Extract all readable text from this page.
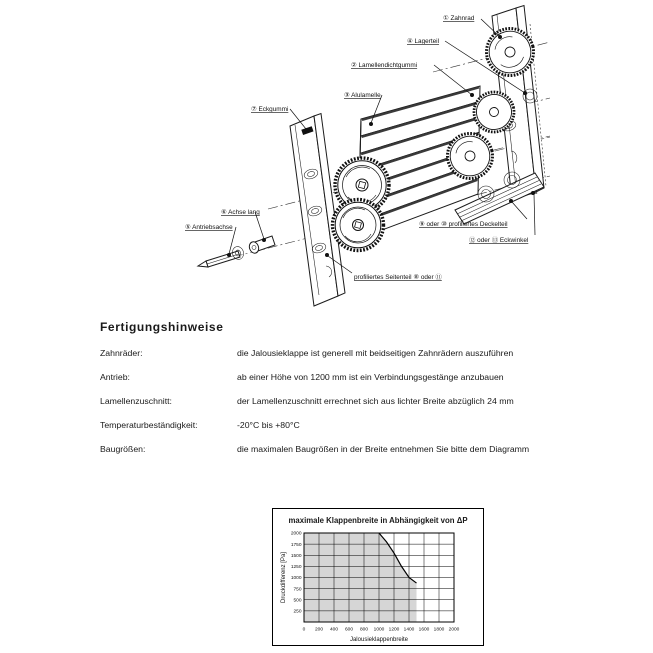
① Zahnrad
④ Lagerteil
② Lamellendichtgummi
③ Alulamelle
⑦ Eckgummi
⑥ Achse lang
⑤ Antriebsachse
profiliertes Seitenteil ⑧ oder ⑪
⑨ oder ⑩ profiliertes Deckelteil
⑫ oder ⑬ Eckwinkel
Fertigungshinweise
Zahnräder:	die Jalousieklappe ist generell mit beidseitigen Zahnrädern auszuführen
Antrieb:	ab einer Höhe von 1200 mm ist ein Verbindungsgestänge anzubauen
Lamellenzuschnitt:	der Lamellenzuschnitt errechnet sich aus lichter Breite abzüglich 24 mm
Temperaturbeständigkeit:	-20°C bis +80°C
Baugrößen:	die maximalen Baugrößen in der Breite entnehmen Sie bitte dem Diagramm
maximale Klappenbreite in Abhängigkeit von ΔP
0 200 400 600 800 1000 1200 1400 1600 1800 2000
250
500
750
1000
1250
1500
1750
2000
Jalousieklappenbreite
Druckdifferenz [Pa]
